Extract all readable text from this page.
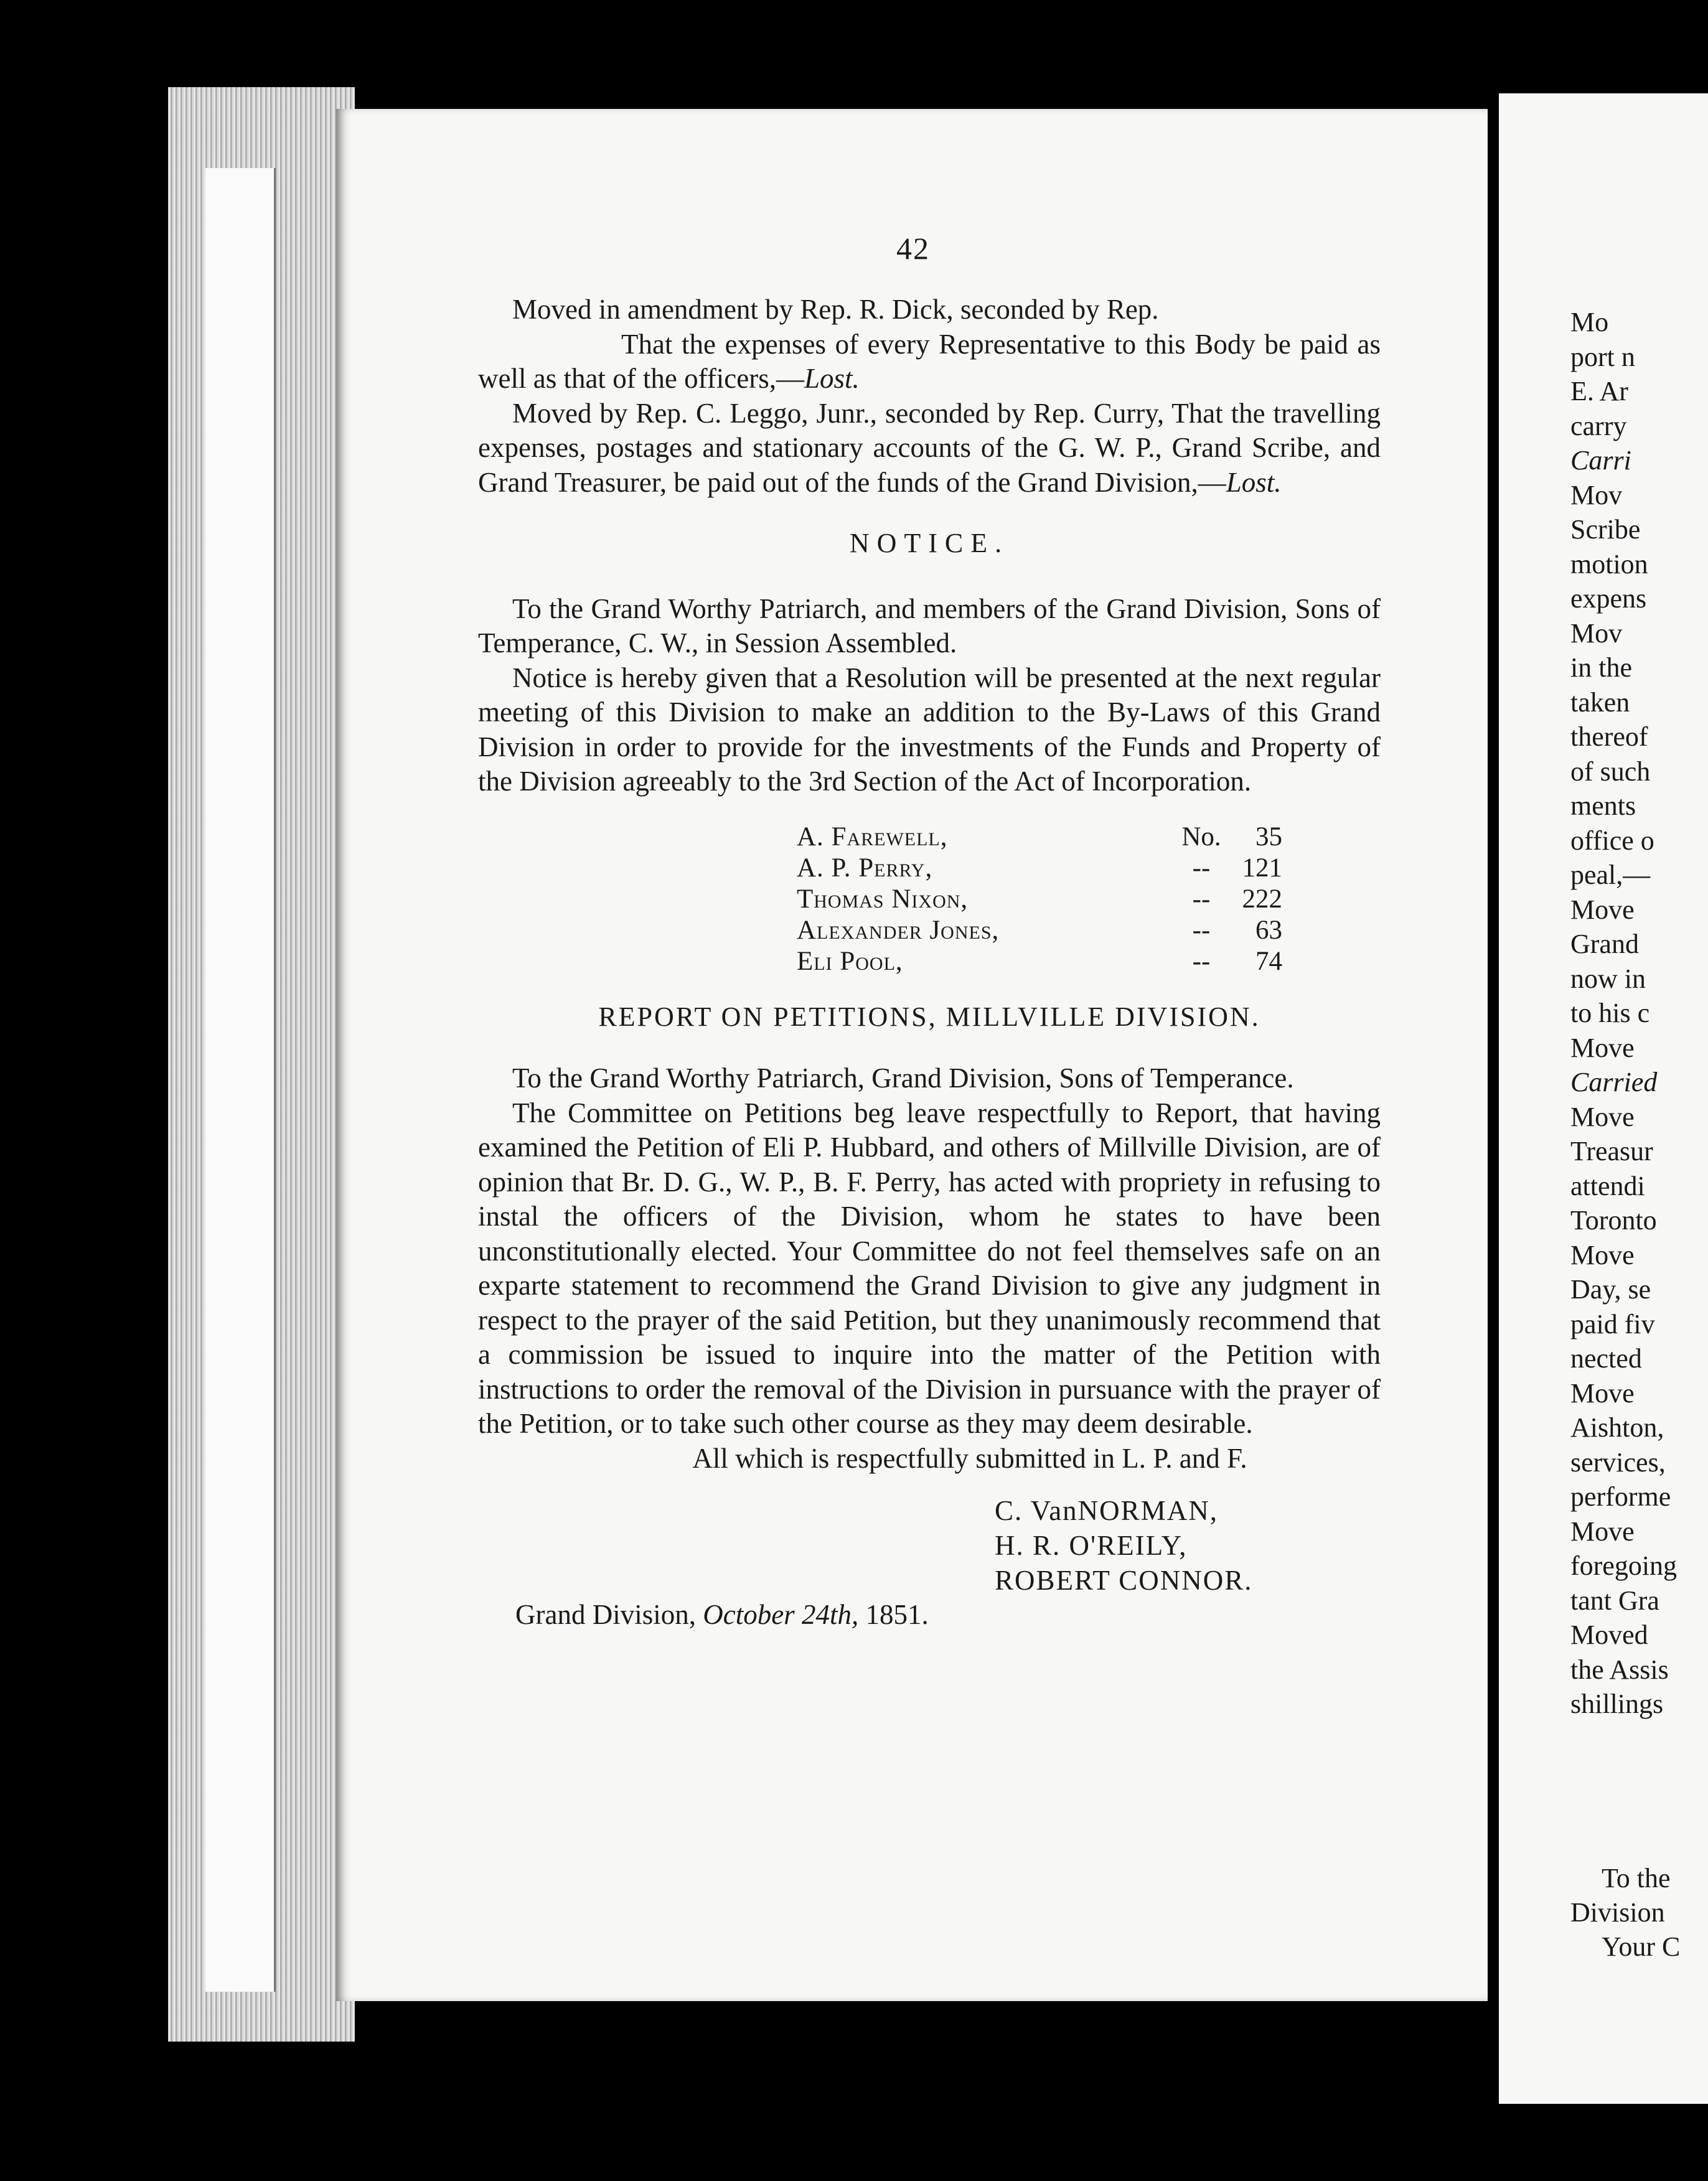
42

Moved in amendment by Rep. R. Dick, seconded by Rep.

That the expenses of every Representative to this Body be paid as well as that of the officers,—Lost.

Moved by Rep. C. Leggo, Junr., seconded by Rep. Curry, That the travelling expenses, postages and stationary accounts of the G. W. P., Grand Scribe, and Grand Treasurer, be paid out of the funds of the Grand Division,—Lost.

NOTICE.

To the Grand Worthy Patriarch, and members of the Grand Division, Sons of Temperance, C. W., in Session Assembled.

Notice is hereby given that a Resolution will be presented at the next regular meeting of this Division to make an addition to the By-Laws of this Grand Division in order to provide for the investments of the Funds and Property of the Division agreeably to the 3rd Section of the Act of Incorporation.

A. Farewell,	No.	35
A. P. Perry,	--	121
Thomas Nixon,	--	222
Alexander Jones,	--	63
Eli Pool,	--	74
REPORT ON PETITIONS, MILLVILLE DIVISION.

To the Grand Worthy Patriarch, Grand Division, Sons of Temperance.

The Committee on Petitions beg leave respectfully to Report, that having examined the Petition of Eli P. Hubbard, and others of Millville Division, are of opinion that Br. D. G., W. P., B. F. Perry, has acted with propriety in refusing to instal the officers of the Division, whom he states to have been unconstitutionally elected. Your Committee do not feel themselves safe on an exparte statement to recommend the Grand Division to give any judgment in respect to the prayer of the said Petition, but they unanimously recommend that a commission be issued to inquire into the matter of the Petition with instructions to order the removal of the Division in pursuance with the prayer of the Petition, or to take such other course as they may deem desirable.

All which is respectfully submitted in L. P. and F.

C. VanNORMAN,
H. R. O'REILY,
ROBERT CONNOR.

Grand Division, October 24th, 1851.

Mo
port n
E. Ar
carry
Carri
Mov
Scribe
motion
expens
Mov
in the
taken
thereof
of such
ments
office o
peal,—
Move
Grand
now in
to his c
Move
Carried
Move
Treasur
attendi
Toronto
Move
Day, se
paid fiv
nected
Move
Aishton,
services,
performe
Move
foregoing
tant Gra
Moved
the Assis
shillings
To the
Division
Your C
